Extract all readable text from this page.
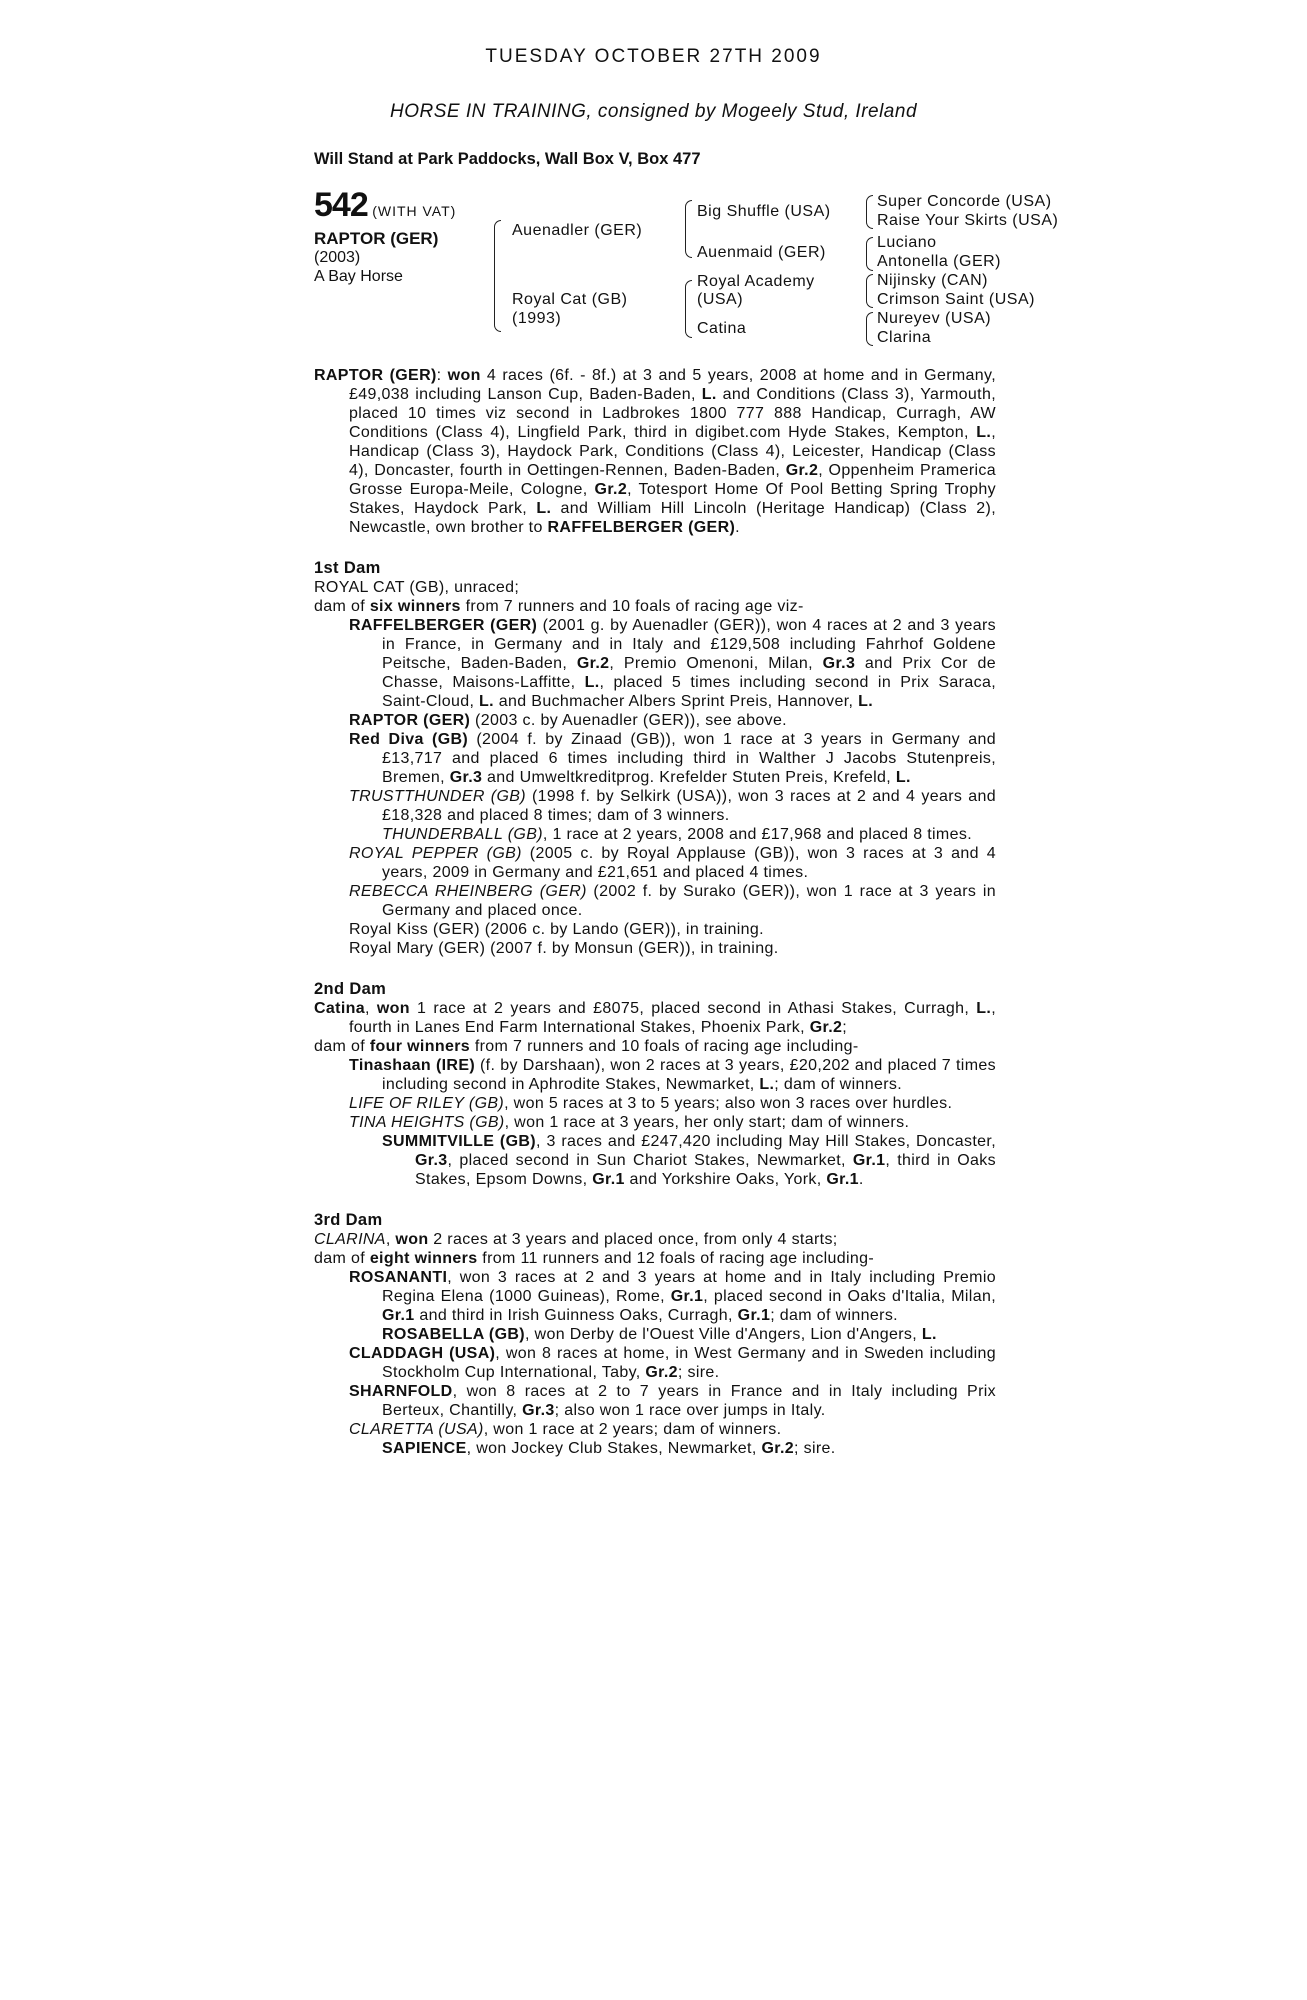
TUESDAY OCTOBER 27TH 2009
HORSE IN TRAINING, consigned by Mogeely Stud, Ireland
Will Stand at Park Paddocks, Wall Box V, Box 477
542 (WITH VAT)
RAPTOR (GER)
(2003)
A Bay Horse
Auenadler (GER)
Royal Cat (GB)
(1993)
Big Shuffle (USA)
Auenmaid (GER)
Royal Academy
(USA)
Catina
Super Concorde (USA)
Raise Your Skirts (USA)
Luciano
Antonella (GER)
Nijinsky (CAN)
Crimson Saint (USA)
Nureyev (USA)
Clarina

RAPTOR (GER): won 4 races (6f. - 8f.) at 3 and 5 years, 2008 at home and in Germany, £49,038 including Lanson Cup, Baden-Baden, L. and Conditions (Class 3), Yarmouth, placed 10 times viz second in Ladbrokes 1800 777 888 Handicap, Curragh, AW Conditions (Class 4), Lingfield Park, third in digibet.com Hyde Stakes, Kempton, L., Handicap (Class 3), Haydock Park, Conditions (Class 4), Leicester, Handicap (Class 4), Doncaster, fourth in Oettingen-Rennen, Baden-Baden, Gr.2, Oppenheim Pramerica Grosse Europa-Meile, Cologne, Gr.2, Totesport Home Of Pool Betting Spring Trophy Stakes, Haydock Park, L. and William Hill Lincoln (Heritage Handicap) (Class 2), Newcastle, own brother to RAFFELBERGER (GER).

1st Dam

ROYAL CAT (GB), unraced;

dam of six winners from 7 runners and 10 foals of racing age viz-

RAFFELBERGER (GER) (2001 g. by Auenadler (GER)), won 4 races at 2 and 3 years in France, in Germany and in Italy and £129,508 including Fahrhof Goldene Peitsche, Baden-Baden, Gr.2, Premio Omenoni, Milan, Gr.3 and Prix Cor de Chasse, Maisons-Laffitte, L., placed 5 times including second in Prix Saraca, Saint-Cloud, L. and Buchmacher Albers Sprint Preis, Hannover, L.

RAPTOR (GER) (2003 c. by Auenadler (GER)), see above.

Red Diva (GB) (2004 f. by Zinaad (GB)), won 1 race at 3 years in Germany and £13,717 and placed 6 times including third in Walther J Jacobs Stutenpreis, Bremen, Gr.3 and Umweltkreditprog. Krefelder Stuten Preis, Krefeld, L.

TRUSTTHUNDER (GB) (1998 f. by Selkirk (USA)), won 3 races at 2 and 4 years and £18,328 and placed 8 times; dam of 3 winners.

THUNDERBALL (GB), 1 race at 2 years, 2008 and £17,968 and placed 8 times.

ROYAL PEPPER (GB) (2005 c. by Royal Applause (GB)), won 3 races at 3 and 4 years, 2009 in Germany and £21,651 and placed 4 times.

REBECCA RHEINBERG (GER) (2002 f. by Surako (GER)), won 1 race at 3 years in Germany and placed once.

Royal Kiss (GER) (2006 c. by Lando (GER)), in training.

Royal Mary (GER) (2007 f. by Monsun (GER)), in training.

2nd Dam

Catina, won 1 race at 2 years and £8075, placed second in Athasi Stakes, Curragh, L., fourth in Lanes End Farm International Stakes, Phoenix Park, Gr.2;

dam of four winners from 7 runners and 10 foals of racing age including-

Tinashaan (IRE) (f. by Darshaan), won 2 races at 3 years, £20,202 and placed 7 times including second in Aphrodite Stakes, Newmarket, L.; dam of winners.

LIFE OF RILEY (GB), won 5 races at 3 to 5 years; also won 3 races over hurdles.

TINA HEIGHTS (GB), won 1 race at 3 years, her only start; dam of winners.

SUMMITVILLE (GB), 3 races and £247,420 including May Hill Stakes, Doncaster, Gr.3, placed second in Sun Chariot Stakes, Newmarket, Gr.1, third in Oaks Stakes, Epsom Downs, Gr.1 and Yorkshire Oaks, York, Gr.1.

3rd Dam

CLARINA, won 2 races at 3 years and placed once, from only 4 starts;

dam of eight winners from 11 runners and 12 foals of racing age including-

ROSANANTI, won 3 races at 2 and 3 years at home and in Italy including Premio Regina Elena (1000 Guineas), Rome, Gr.1, placed second in Oaks d'Italia, Milan, Gr.1 and third in Irish Guinness Oaks, Curragh, Gr.1; dam of winners.

ROSABELLA (GB), won Derby de l'Ouest Ville d'Angers, Lion d'Angers, L.

CLADDAGH (USA), won 8 races at home, in West Germany and in Sweden including Stockholm Cup International, Taby, Gr.2; sire.

SHARNFOLD, won 8 races at 2 to 7 years in France and in Italy including Prix Berteux, Chantilly, Gr.3; also won 1 race over jumps in Italy.

CLARETTA (USA), won 1 race at 2 years; dam of winners.

SAPIENCE, won Jockey Club Stakes, Newmarket, Gr.2; sire.
